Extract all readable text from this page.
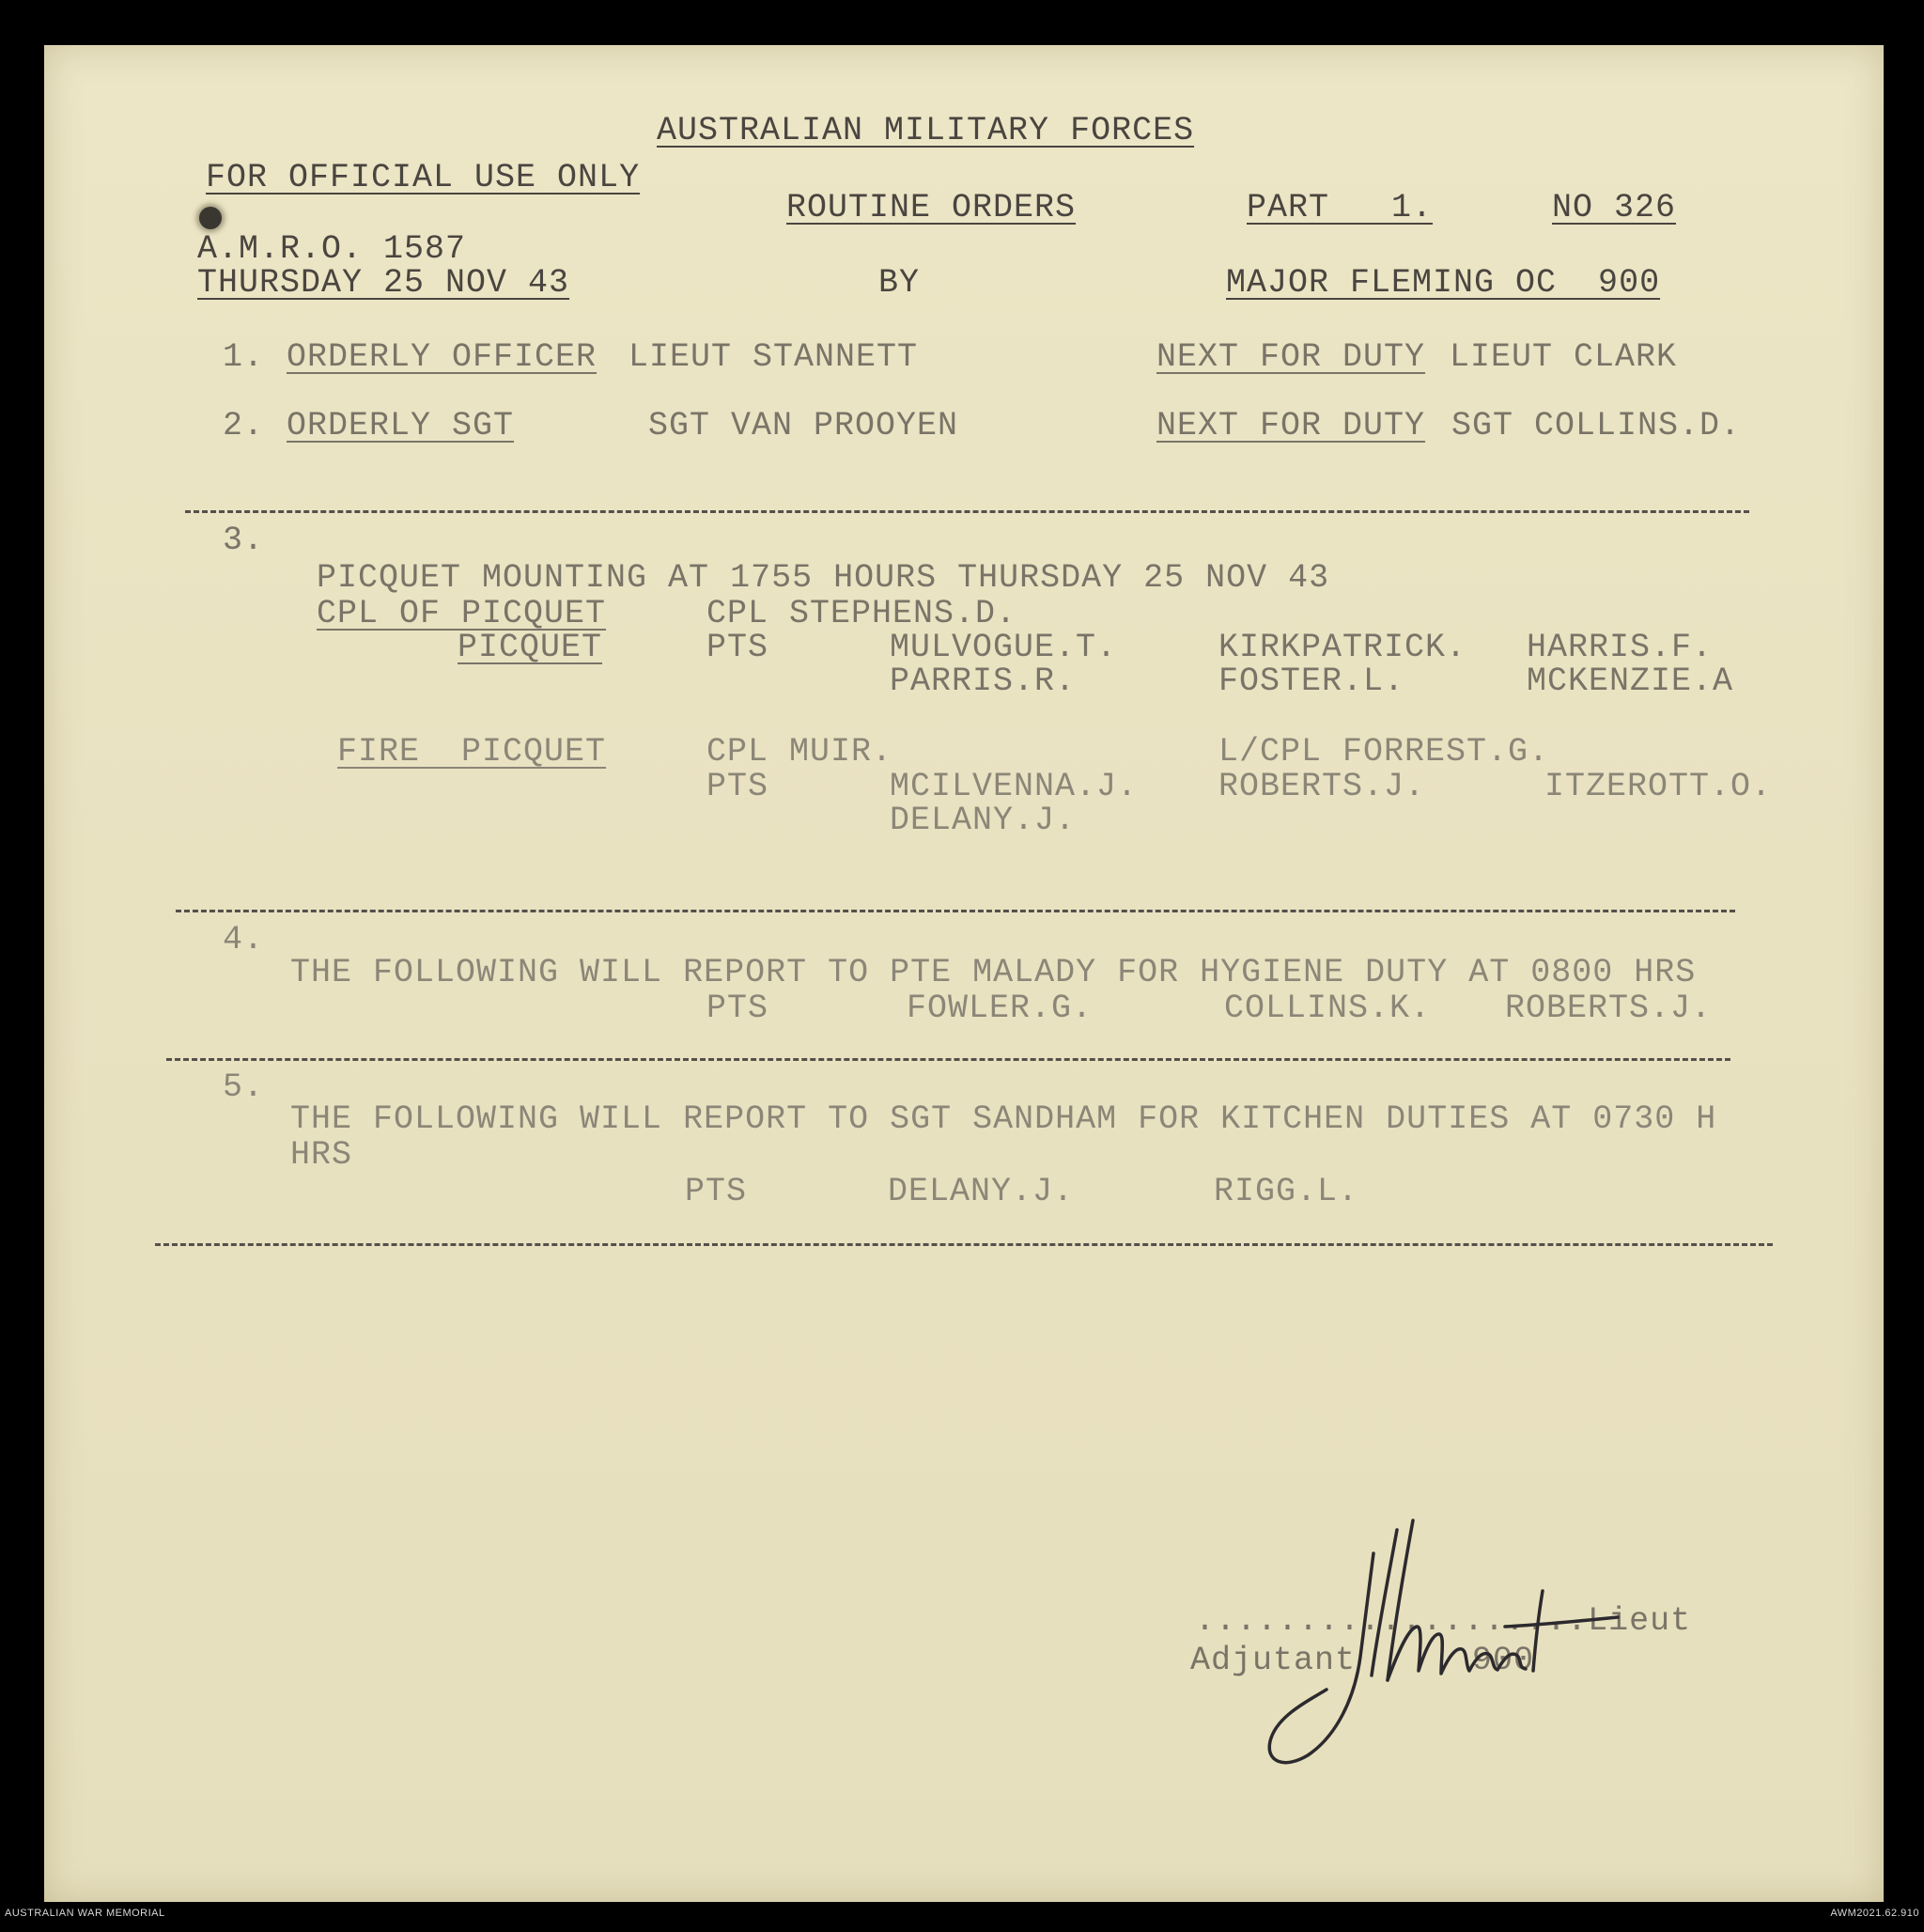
AUSTRALIAN MILITARY FORCES
FOR OFFICIAL USE ONLY
ROUTINE ORDERS	PART   1.	NO 326
A.M.R.O. 1587
THURSDAY 25 NOV 43	BY	MAJOR FLEMING OC  900
1. ORDERLY OFFICER LIEUT STANNETT	NEXT FOR DUTY LIEUT CLARK
2. ORDERLY SGT	SGT VAN PROOYEN	NEXT FOR DUTY SGT COLLINS.D.
3.
PICQUET MOUNTING AT 1755 HOURS THURSDAY 25 NOV 43
CPL OF PICQUET	CPL STEPHENS.D.
PICQUET	PTS	MULVOGUE.T.	KIRKPATRICK. HARRIS.F.
PARRIS.R.	FOSTER.L.	MCKENZIE.A
FIRE  PICQUET	CPL MUIR.	L/CPL FORREST.G.
PTS	MCILVENNA.J. ROBERTS.J.	ITZEROTT.O.
DELANY.J.
4.
THE FOLLOWING WILL REPORT TO PTE MALADY FOR HYGIENE DUTY AT 0800 HRS
PTS	FOWLER.G.	COLLINS.K. ROBERTS.J.
5.
THE FOLLOWING WILL REPORT TO SGT SANDHAM FOR KITCHEN DUTIES AT 0730 H
HRS
PTS	DELANY.J.	RIGG.L.
...................Lieut
Adjutant	900
AUSTRALIAN WAR MEMORIAL	AWM2021.62.910
